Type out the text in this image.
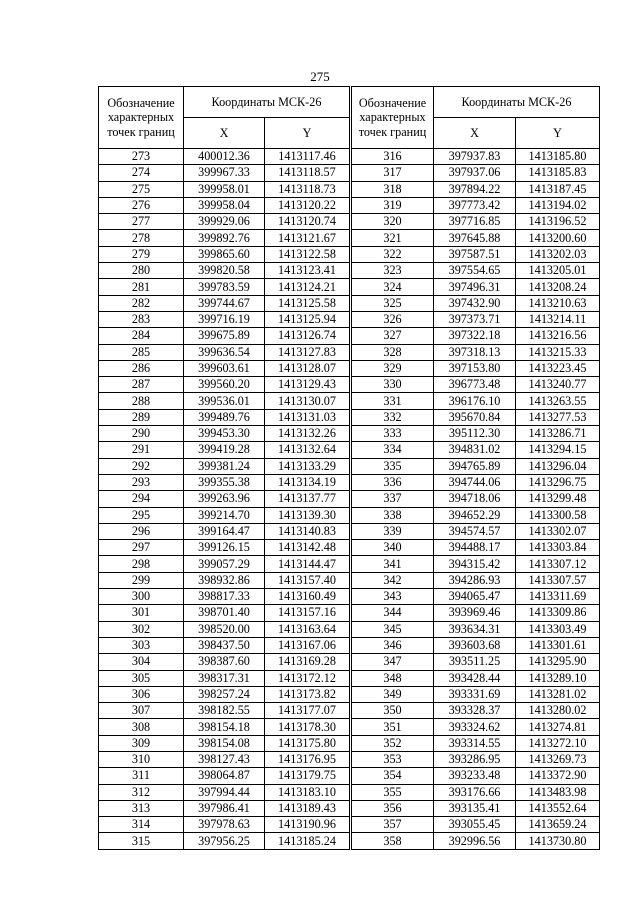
275
Обозначение характерных точек границ	Координаты МСК-26	
	X	Y
273	400012.36	1413117.46
274	399967.33	1413118.57
275	399958.01	1413118.73
276	399958.04	1413120.22
277	399929.06	1413120.74
278	399892.76	1413121.67
279	399865.60	1413122.58
280	399820.58	1413123.41
281	399783.59	1413124.21
282	399744.67	1413125.58
283	399716.19	1413125.94
284	399675.89	1413126.74
285	399636.54	1413127.83
286	399603.61	1413128.07
287	399560.20	1413129.43
288	399536.01	1413130.07
289	399489.76	1413131.03
290	399453.30	1413132.26
291	399419.28	1413132.64
292	399381.24	1413133.29
293	399355.38	1413134.19
294	399263.96	1413137.77
295	399214.70	1413139.30
296	399164.47	1413140.83
297	399126.15	1413142.48
298	399057.29	1413144.47
299	398932.86	1413157.40
300	398817.33	1413160.49
301	398701.40	1413157.16
302	398520.00	1413163.64
303	398437.50	1413167.06
304	398387.60	1413169.28
305	398317.31	1413172.12
306	398257.24	1413173.82
307	398182.55	1413177.07
308	398154.18	1413178.30
309	398154.08	1413175.80
310	398127.43	1413176.95
311	398064.87	1413179.75
312	397994.44	1413183.10
313	397986.41	1413189.43
314	397978.63	1413190.96
315	397956.25	1413185.24
Обозначение характерных точек границ	Координаты МСК-26	
	X	Y
316	397937.83	1413185.80
317	397937.06	1413185.83
318	397894.22	1413187.45
319	397773.42	1413194.02
320	397716.85	1413196.52
321	397645.88	1413200.60
322	397587.51	1413202.03
323	397554.65	1413205.01
324	397496.31	1413208.24
325	397432.90	1413210.63
326	397373.71	1413214.11
327	397322.18	1413216.56
328	397318.13	1413215.33
329	397153.80	1413223.45
330	396773.48	1413240.77
331	396176.10	1413263.55
332	395670.84	1413277.53
333	395112.30	1413286.71
334	394831.02	1413294.15
335	394765.89	1413296.04
336	394744.06	1413296.75
337	394718.06	1413299.48
338	394652.29	1413300.58
339	394574.57	1413302.07
340	394488.17	1413303.84
341	394315.42	1413307.12
342	394286.93	1413307.57
343	394065.47	1413311.69
344	393969.46	1413309.86
345	393634.31	1413303.49
346	393603.68	1413301.61
347	393511.25	1413295.90
348	393428.44	1413289.10
349	393331.69	1413281.02
350	393328.37	1413280.02
351	393324.62	1413274.81
352	393314.55	1413272.10
353	393286.95	1413269.73
354	393233.48	1413372.90
355	393176.66	1413483.98
356	393135.41	1413552.64
357	393055.45	1413659.24
358	392996.56	1413730.80
